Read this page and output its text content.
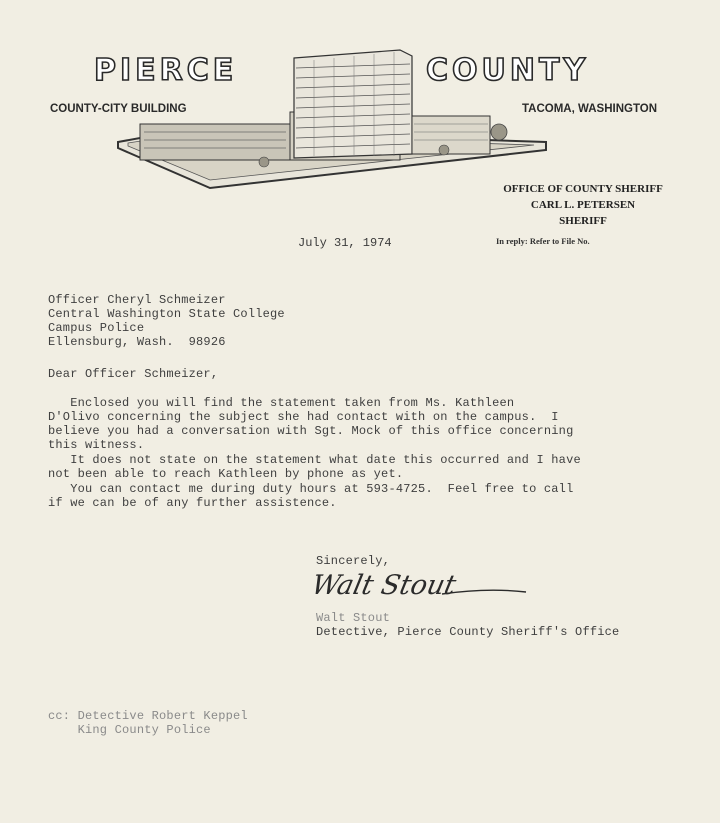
PIERCE	COUNTY
COUNTY-CITY BUILDING	TACOMA, WASHINGTON
OFFICE OF COUNTY SHERIFF
CARL L. PETERSEN
SHERIFF
July 31, 1974	In reply: Refer to File No.
Officer Cheryl Schmeizer
Central Washington State College
Campus Police
Ellensburg, Wash.  98926
Dear Officer Schmeizer,
Enclosed you will find the statement taken from Ms. Kathleen
D'Olivo concerning the subject she had contact with on the campus.  I
believe you had a conversation with Sgt. Mock of this office concerning
this witness.
It does not state on the statement what date this occurred and I have
not been able to reach Kathleen by phone as yet.
You can contact me during duty hours at 593-4725.  Feel free to call
if we can be of any further assistence.
Sincerely,
Walt Stout
Walt Stout
Detective, Pierce County Sheriff's Office
cc: Detective Robert Keppel
King County Police
